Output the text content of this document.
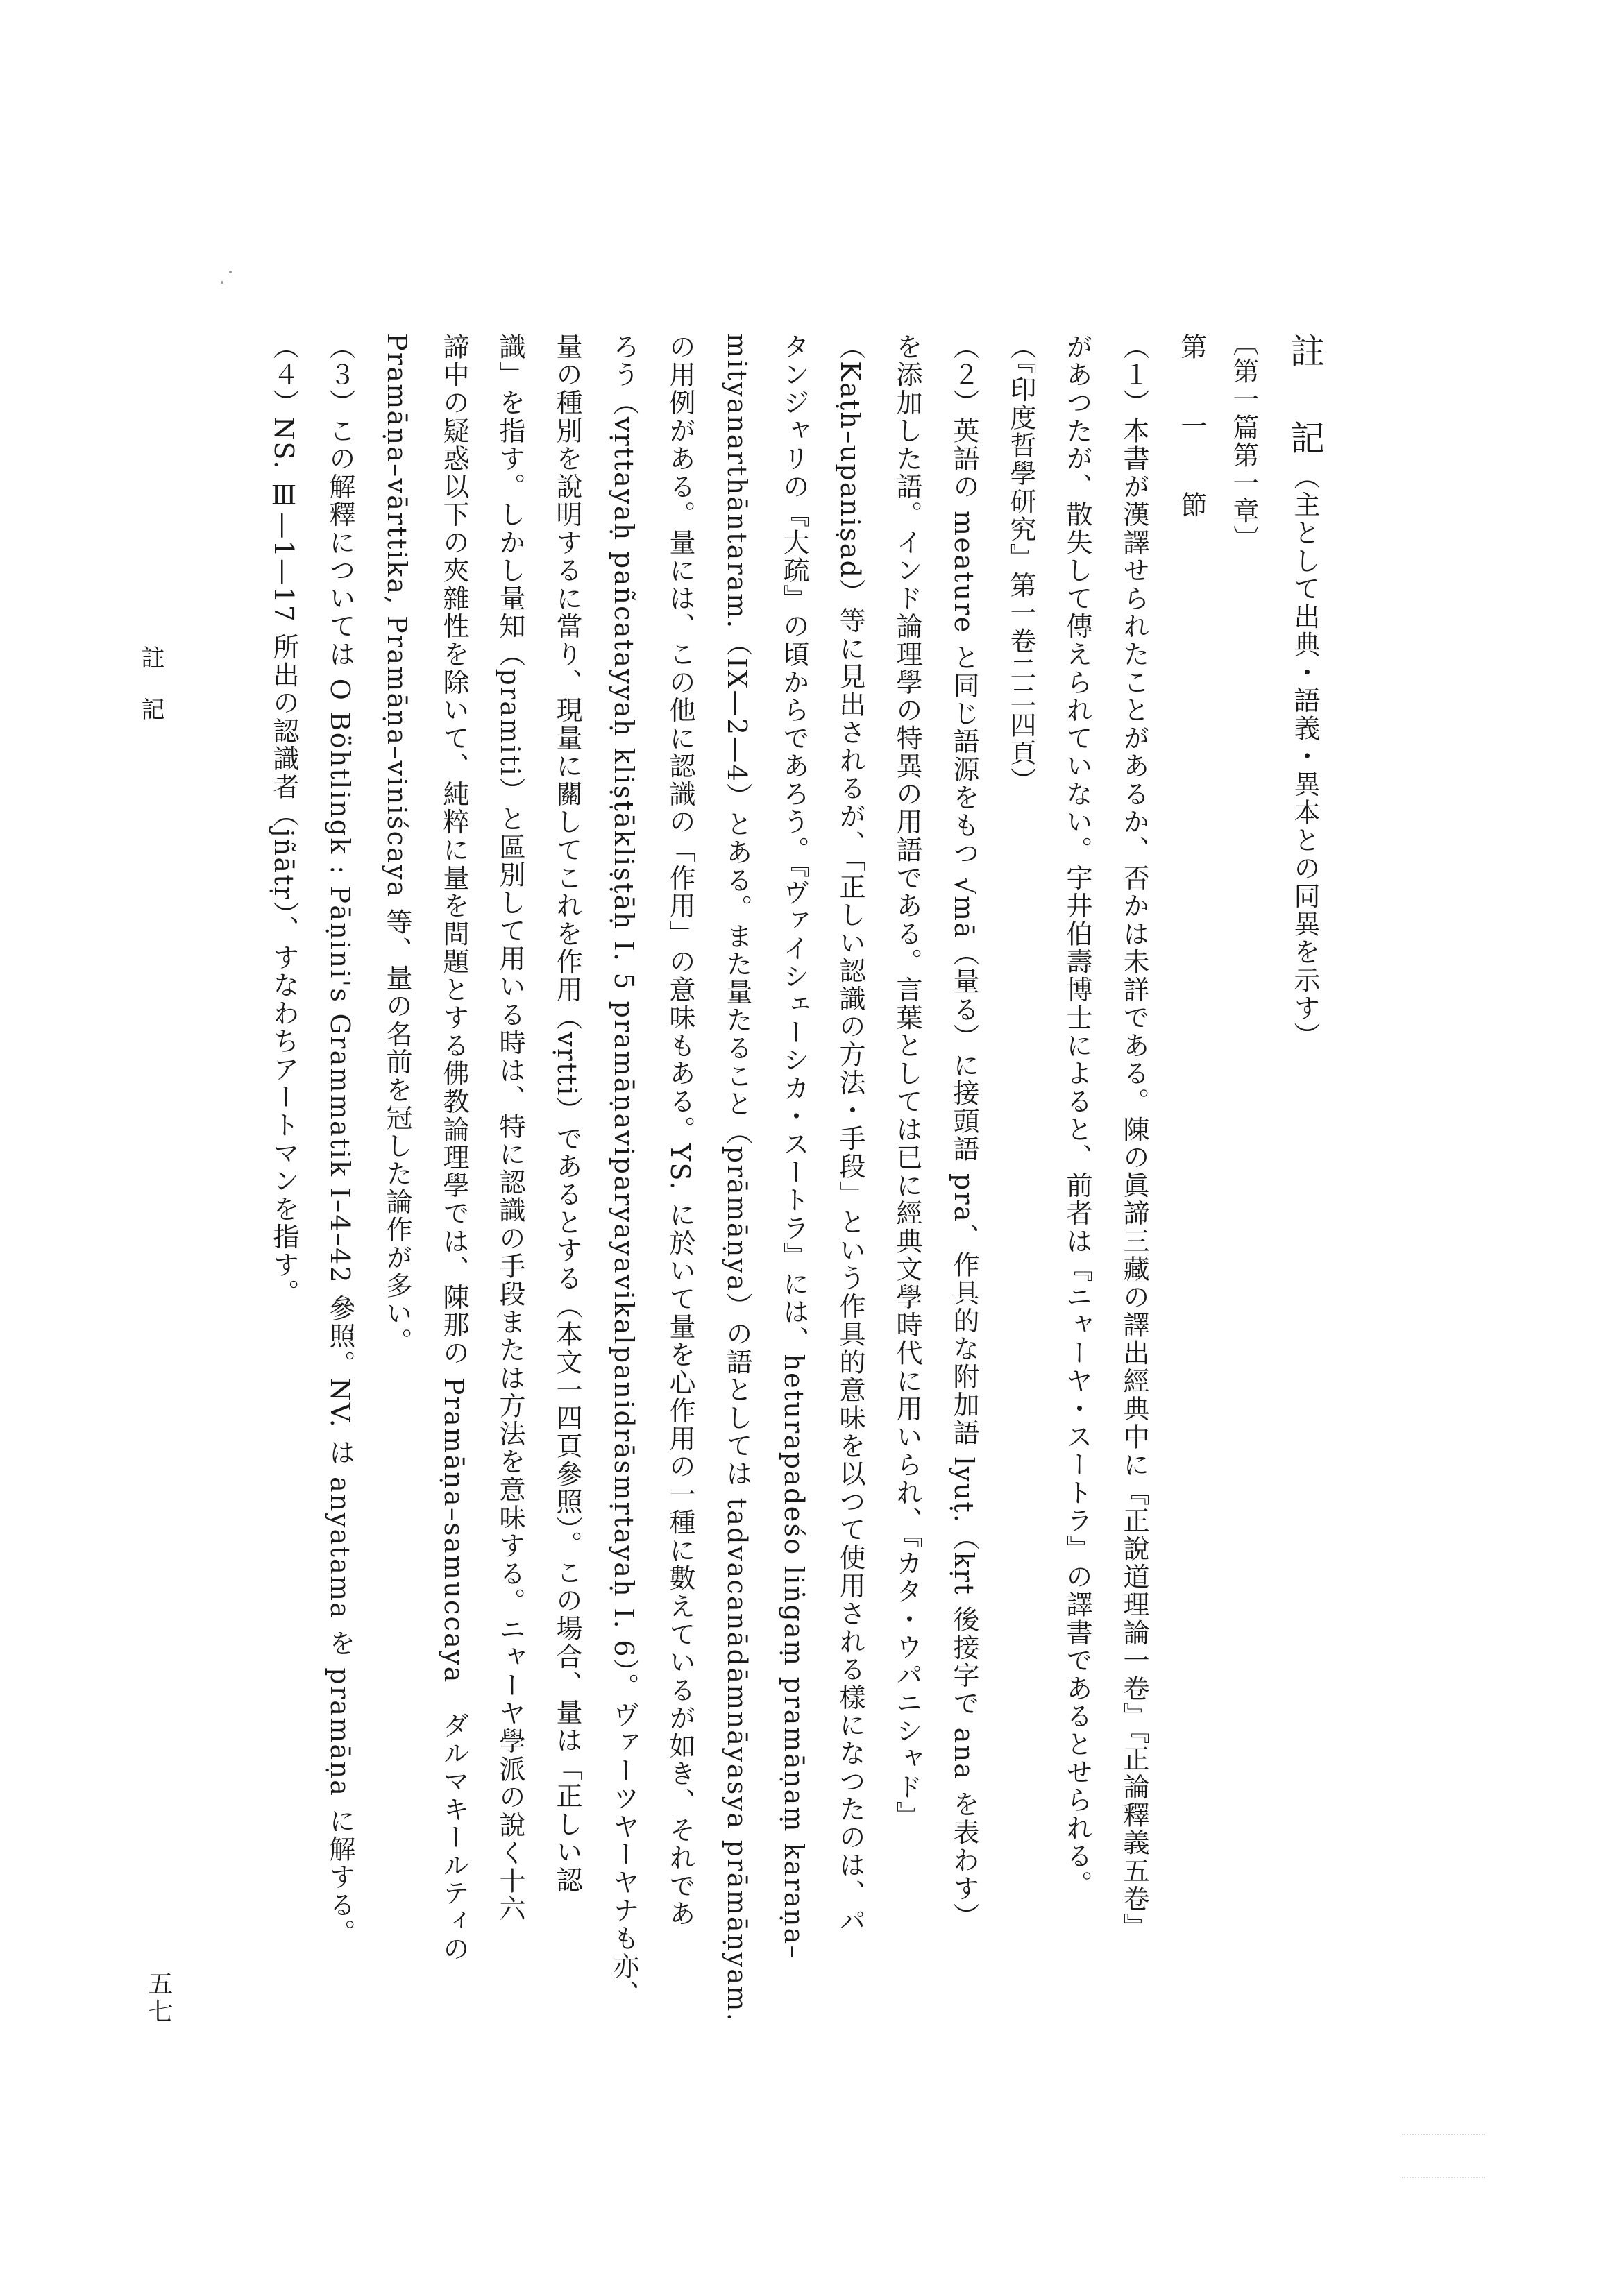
註　記（主として出典・語義・異本との同異を示す）
〔第一篇第一章〕
第　一　節
（１）本書が漢譯せられたことがあるか、否かは未詳である。陳の眞諦三藏の譯出經典中に『正說道理論一卷』『正論釋義五卷』
があつたが、散失して傳えられていない。宇井伯壽博士によると、前者は『ニャーヤ・スートラ』の譯書であるとせられる。
（『印度哲學研究』第一卷二二四頁）
（２）英語の meature と同じ語源をもつ √mā（量る）に接頭語 pra、作具的な附加語 lyuṭ.（kṛt 後接字で ana を表わす）
を添加した語。インド論理學の特異の用語である。言葉としては已に經典文學時代に用いられ、『カタ・ウパニシャド』
（Kaṭh–upaniṣad）等に見出されるが、「正しい認識の方法・手段」という作具的意味を以つて使用される樣になつたのは、パ
タンジャリの『大疏』の頃からであろう。『ヴァイシェーシカ・スートラ』には、heturapadeśo liṅgaṃ pramāṇaṃ karaṇa–
mityanarthāntaram.（IX—2—4）とある。また量たること（prāmāṇya）の語としては tadvacanādāmnāyasya prāmāṇyam.
の用例がある。量には、この他に認識の「作用」の意味もある。YS. に於いて量を心作用の一種に數えているが如き、それであ
ろう（vṛttayaḥ pañcatayyaḥ kliṣṭākliṣṭāḥ I. 5 pramāṇaviparyayavikalpanidrāsmṛtayaḥ I. 6）。ヴァーツヤーヤナも亦、
量の種別を說明するに當り、現量に關してこれを作用（vṛtti）であるとする（本文一四頁參照）。この場合、量は「正しい認
識」を指す。しかし量知（pramiti）と區別して用いる時は、特に認識の手段または方法を意味する。ニャーヤ學派の說く十六
諦中の疑惑以下の夾雜性を除いて、純粹に量を問題とする佛教論理學では、陳那の Pramāṇa–samuccaya　ダルマキールティの
Pramāṇa–vārttika, Pramāṇa–viniścaya 等、量の名前を冠した論作が多い。
（３）この解釋については O Böhtlingk : Pāṇini's Grammatik I–4–42 參照。NV. は anyatama を pramāṇa に解する。
（４）NS. Ⅲ—1—17 所出の認識者（jñātṛ）、すなわちアートマンを指す。
註記
五七
